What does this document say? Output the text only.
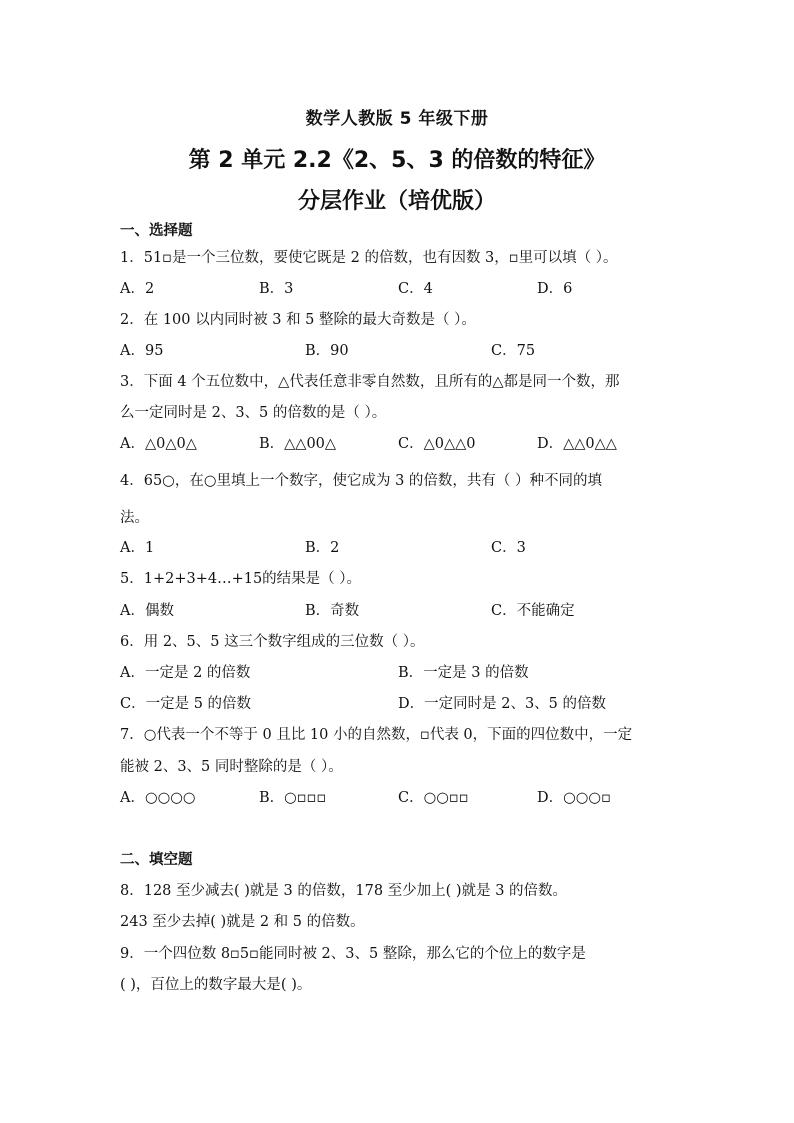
数学人教版 5 年级下册
第 2 单元 2.2《2、5、3 的倍数的特征》
分层作业（培优版）
一、选择题
1．51▫是一个三位数，要使它既是 2 的倍数，也有因数 3，▫里可以填（ ）。
A．2	B．3	C．4	D．6
2．在 100 以内同时被 3 和 5 整除的最大奇数是（ ）。
A．95	B．90	C．75
3．下面 4 个五位数中，△代表任意非零自然数，且所有的△都是同一个数，那
么一定同时是 2、3、5 的倍数的是（ ）。
A．△0△0△	B．△△00△	C．△0△△0	D．△△0△△
4．65○，在○里填上一个数字，使它成为 3 的倍数，共有（ ）种不同的填
法。
A．1	B．2	C．3
5．1+2+3+4…+15的结果是（ ）。
A．偶数	B．奇数	C．不能确定
6．用 2、5、5 这三个数字组成的三位数（ ）。
A．一定是 2 的倍数	B．一定是 3 的倍数
C．一定是 5 的倍数	D．一定同时是 2、3、5 的倍数
7．○代表一个不等于 0 且比 10 小的自然数，▫代表 0，下面的四位数中，一定
能被 2、3、5 同时整除的是（ ）。
A．○○○○	B．○▫▫▫	C．○○▫▫	D．○○○▫
二、填空题
8．128 至少减去( )就是 3 的倍数，178 至少加上( )就是 3 的倍数。
243 至少去掉( )就是 2 和 5 的倍数。
9．一个四位数 8▫5▫能同时被 2、3、5 整除，那么它的个位上的数字是
( )，百位上的数字最大是( )。
